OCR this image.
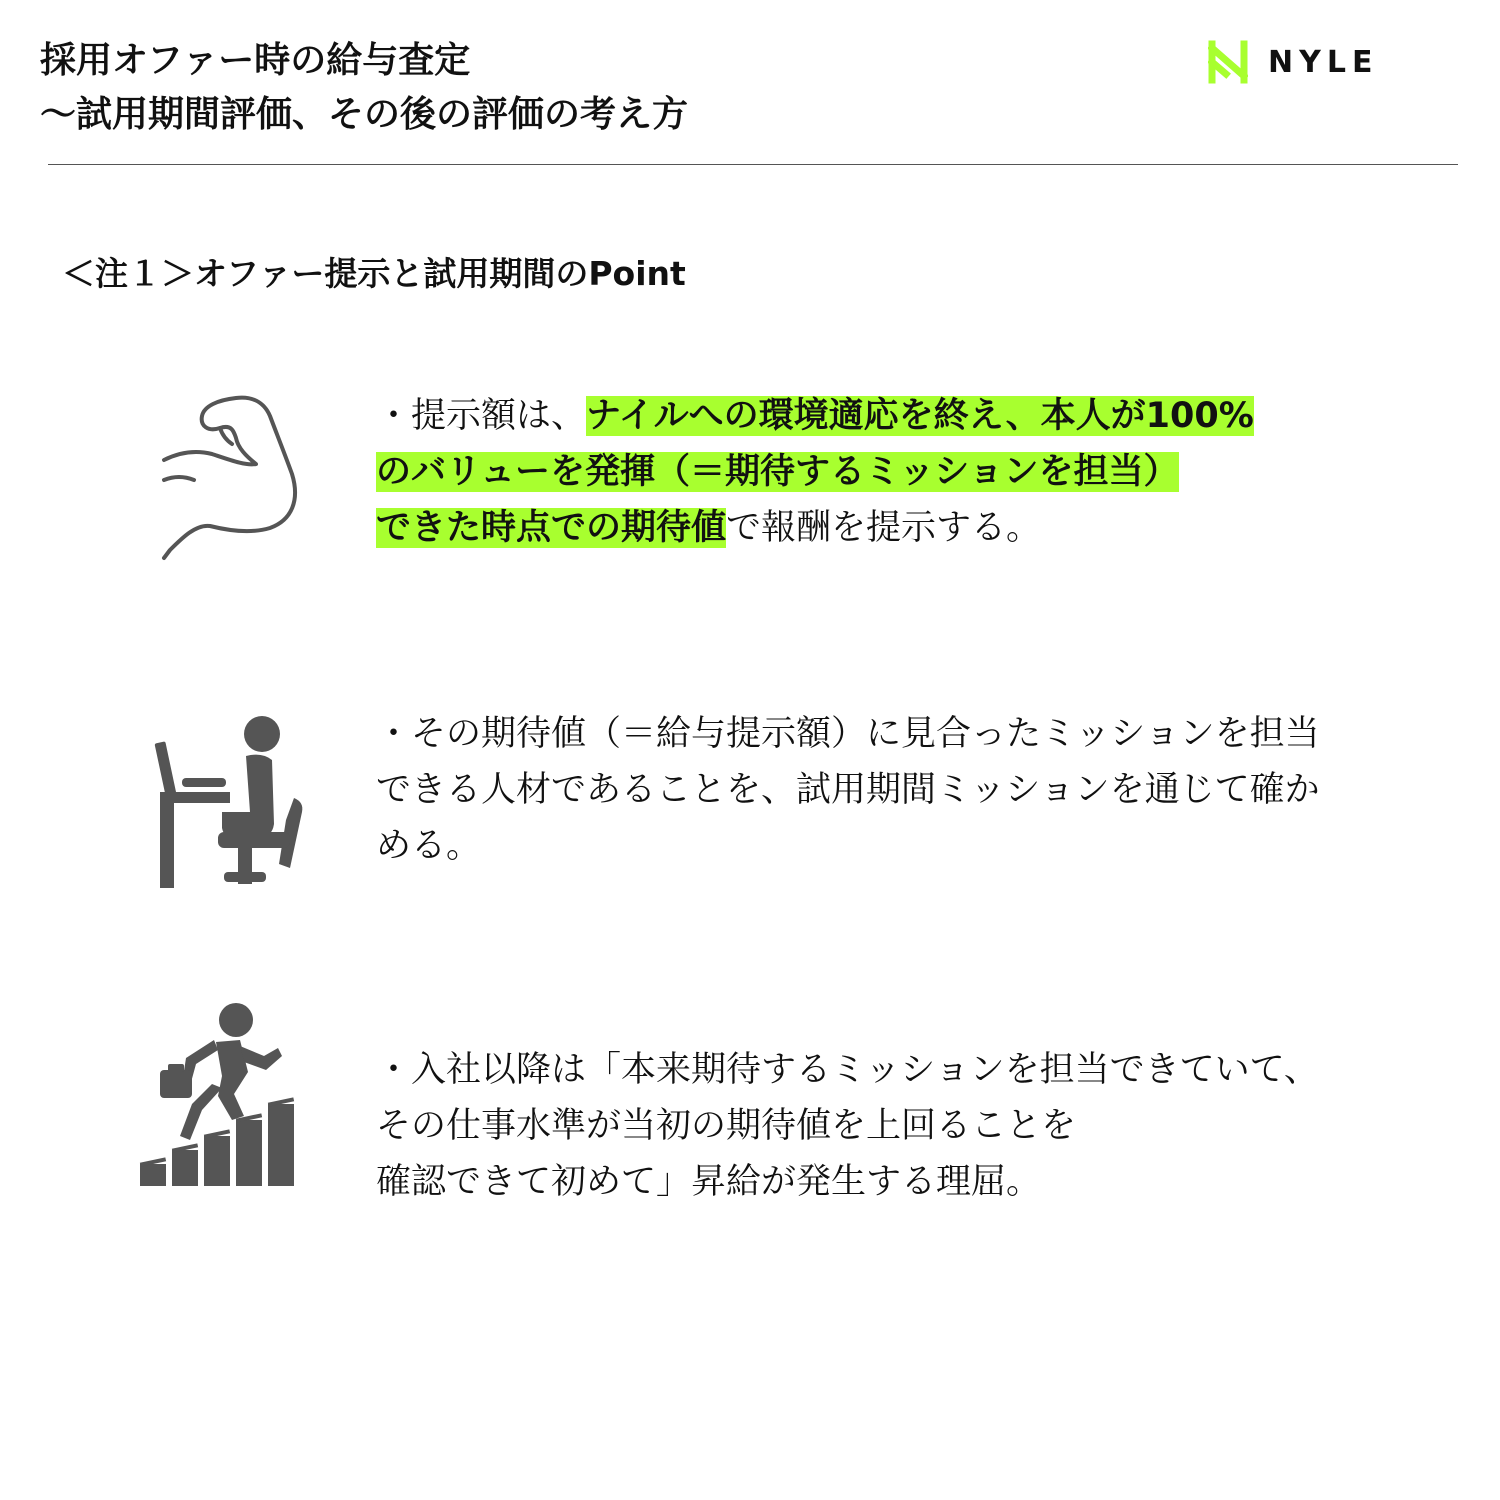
採用オファー時の給与査定
～試用期間評価、その後の評価の考え方
NYLE
＜注１＞オファー提示と試用期間のPoint
・提示額は、ナイルへの環境適応を終え、本人が100%
のバリューを発揮（＝期待するミッションを担当）
できた時点での期待値で報酬を提示する。
・その期待値（＝給与提示額）に見合ったミッションを担当
できる人材であることを、試用期間ミッションを通じて確か
める。
・入社以降は「本来期待するミッションを担当できていて、
その仕事水準が当初の期待値を上回ることを
確認できて初めて」昇給が発生する理屈。
